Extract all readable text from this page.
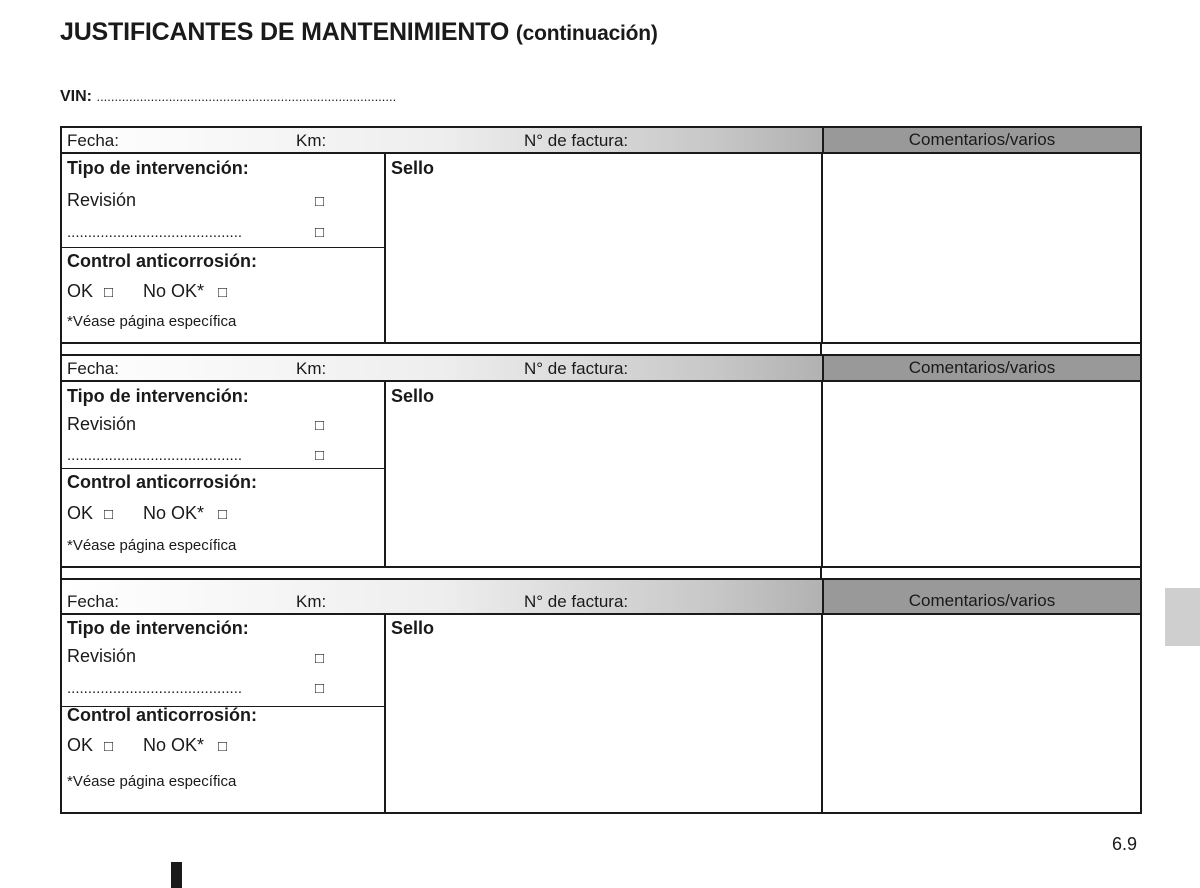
JUSTIFICANTES DE MANTENIMIENTO (continuación)
VIN: ...................................................................................
Fecha:	Km:	N° de factura:	Comentarios/varios
Tipo de intervención:
Revisión	□
..........................................	□
Sello
Control anticorrosión:
OK □ No OK* □
*Véase página específica
Fecha:	Km:	N° de factura:	Comentarios/varios
Tipo de intervención:
Revisión	□
..........................................	□
Sello
Control anticorrosión:
OK □ No OK* □
*Véase página específica
Fecha:	Km:	N° de factura:	Comentarios/varios
Tipo de intervención:
Revisión	□
..........................................	□
Sello
Control anticorrosión:
OK □ No OK* □
*Véase página específica
6.9
